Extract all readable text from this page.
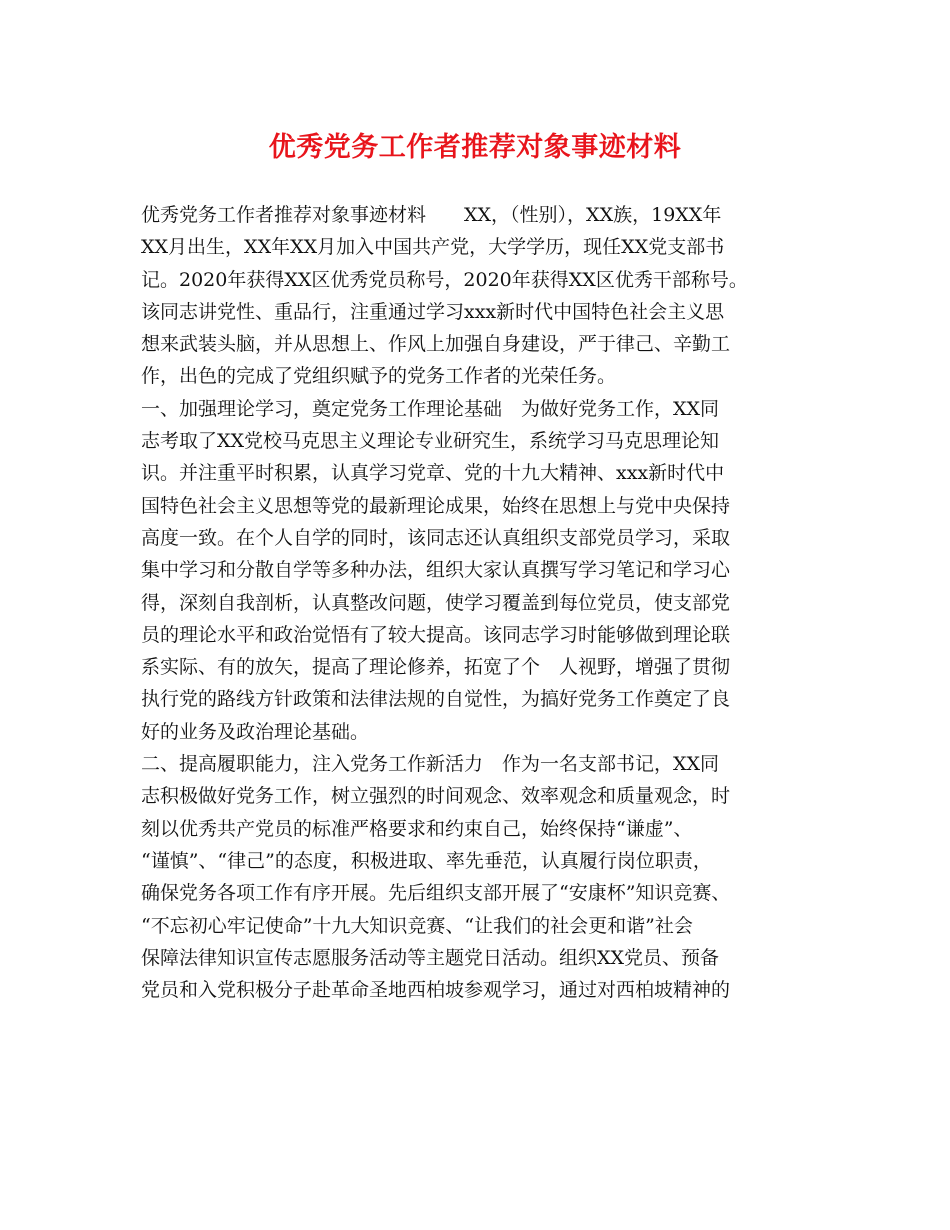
优秀党务工作者推荐对象事迹材料
优秀党务工作者推荐对象事迹材料　　XX，（性别），XX族，19XX年
XX月出生，XX年XX月加入中国共产党，大学学历，现任XX党支部书
记。2020年获得XX区优秀党员称号，2020年获得XX区优秀干部称号。
该同志讲党性、重品行，注重通过学习xxx新时代中国特色社会主义思
想来武装头脑，并从思想上、作风上加强自身建设，严于律己、辛勤工
作，出色的完成了党组织赋予的党务工作者的光荣任务。
一、加强理论学习，奠定党务工作理论基础　为做好党务工作，XX同
志考取了XX党校马克思主义理论专业研究生，系统学习马克思理论知
识。并注重平时积累，认真学习党章、党的十九大精神、xxx新时代中
国特色社会主义思想等党的最新理论成果，始终在思想上与党中央保持
高度一致。在个人自学的同时，该同志还认真组织支部党员学习，采取
集中学习和分散自学等多种办法，组织大家认真撰写学习笔记和学习心
得，深刻自我剖析，认真整改问题，使学习覆盖到每位党员，使支部党
员的理论水平和政治觉悟有了较大提高。该同志学习时能够做到理论联
系实际、有的放矢，提高了理论修养，拓宽了个　人视野，增强了贯彻
执行党的路线方针政策和法律法规的自觉性，为搞好党务工作奠定了良
好的业务及政治理论基础。
二、提高履职能力，注入党务工作新活力　作为一名支部书记，XX同
志积极做好党务工作，树立强烈的时间观念、效率观念和质量观念，时
刻以优秀共产党员的标准严格要求和约束自己，始终保持“谦虚”、
“谨慎”、“律己”的态度，积极进取、率先垂范，认真履行岗位职责，
确保党务各项工作有序开展。先后组织支部开展了“安康杯”知识竞赛、
“不忘初心牢记使命”十九大知识竞赛、“让我们的社会更和谐”社会
保障法律知识宣传志愿服务活动等主题党日活动。组织XX党员、预备
党员和入党积极分子赴革命圣地西柏坡参观学习，通过对西柏坡精神的
